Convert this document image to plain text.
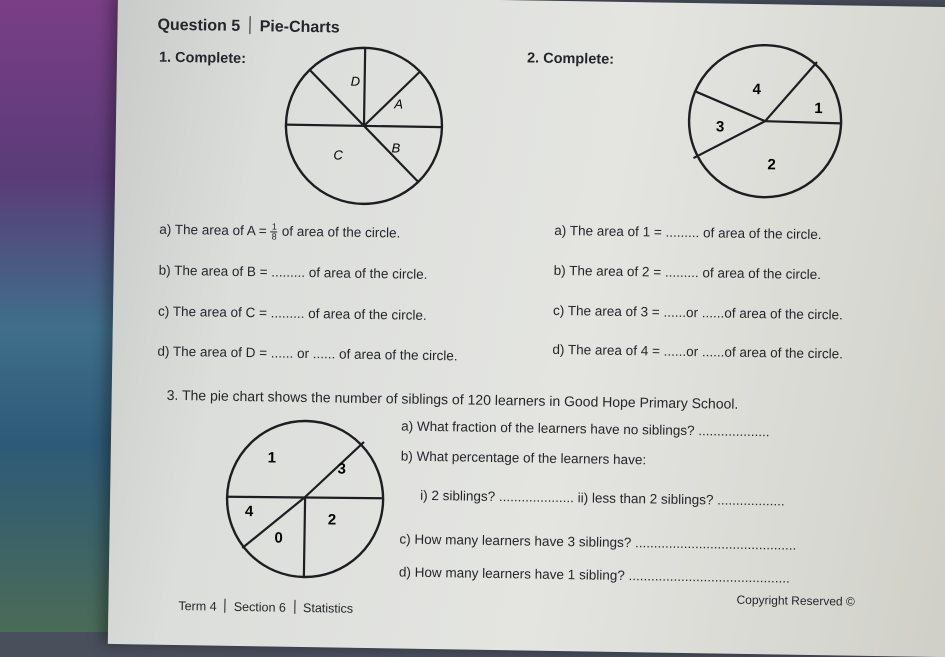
Question 5 Pie-Charts
1. Complete:
D
A
C	B
a) The area of $A = \frac{1}{8}$ of area of the circle.
b) The area of B = ......... of area of the circle.
c) The area of C = ......... of area of the circle.
d) The area of D = ...... or ...... of area of the circle.
2. Complete:
4
1
3
2
a) The area of 1 = ......... of area of the circle.
b) The area of 2 = ......... of area of the circle.
c) The area of 3 = ......or ......of area of the circle.
d) The area of 4 = ......or ......of area of the circle.
3. The pie chart shows the number of siblings of 120 learners in Good Hope Primary School.
1
3
4	2
0
a) What fraction of the learners have no siblings? ...................
b) What percentage of the learners have:
i) 2 siblings? .................... ii) less than 2 siblings? ..................
c) How many learners have 3 siblings? ...........................................
d) How many learners have 1 sibling? ...........................................
Term 4 Section 6 Statistics	Copyright Reserved ©
